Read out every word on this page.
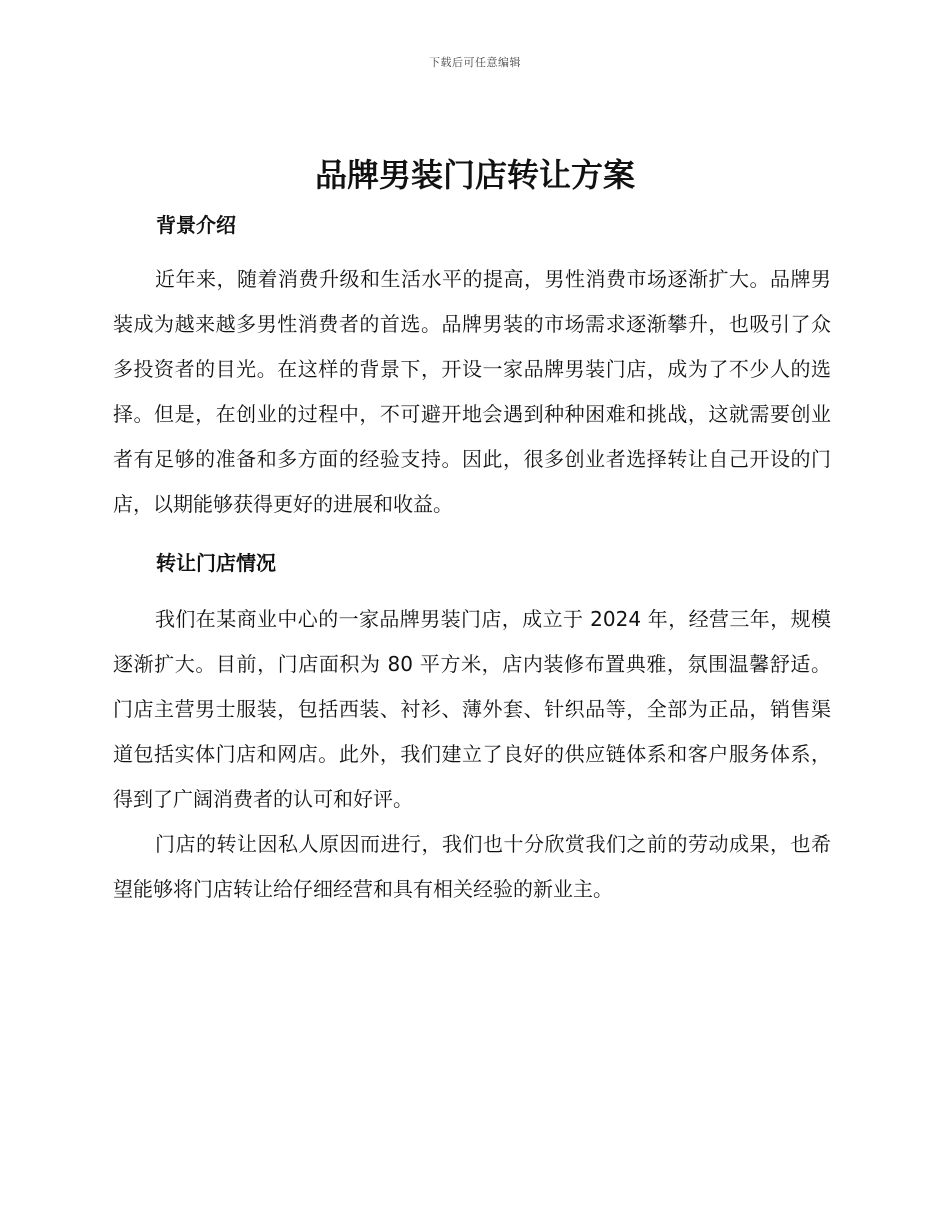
下载后可任意编辑
品牌男装门店转让方案
背景介绍

近年来，随着消费升级和生活水平的提高，男性消费市场逐渐扩大。品牌男装成为越来越多男性消费者的首选。品牌男装的市场需求逐渐攀升，也吸引了众多投资者的目光。在这样的背景下，开设一家品牌男装门店，成为了不少人的选择。但是，在创业的过程中，不可避开地会遇到种种困难和挑战，这就需要创业者有足够的准备和多方面的经验支持。因此，很多创业者选择转让自己开设的门店，以期能够获得更好的进展和收益。

转让门店情况

我们在某商业中心的一家品牌男装门店，成立于 2024 年，经营三年，规模逐渐扩大。目前，门店面积为 80 平方米，店内装修布置典雅，氛围温馨舒适。门店主营男士服装，包括西装、衬衫、薄外套、针织品等，全部为正品，销售渠道包括实体门店和网店。此外，我们建立了良好的供应链体系和客户服务体系，得到了广阔消费者的认可和好评。

门店的转让因私人原因而进行，我们也十分欣赏我们之前的劳动成果，也希望能够将门店转让给仔细经营和具有相关经验的新业主。
